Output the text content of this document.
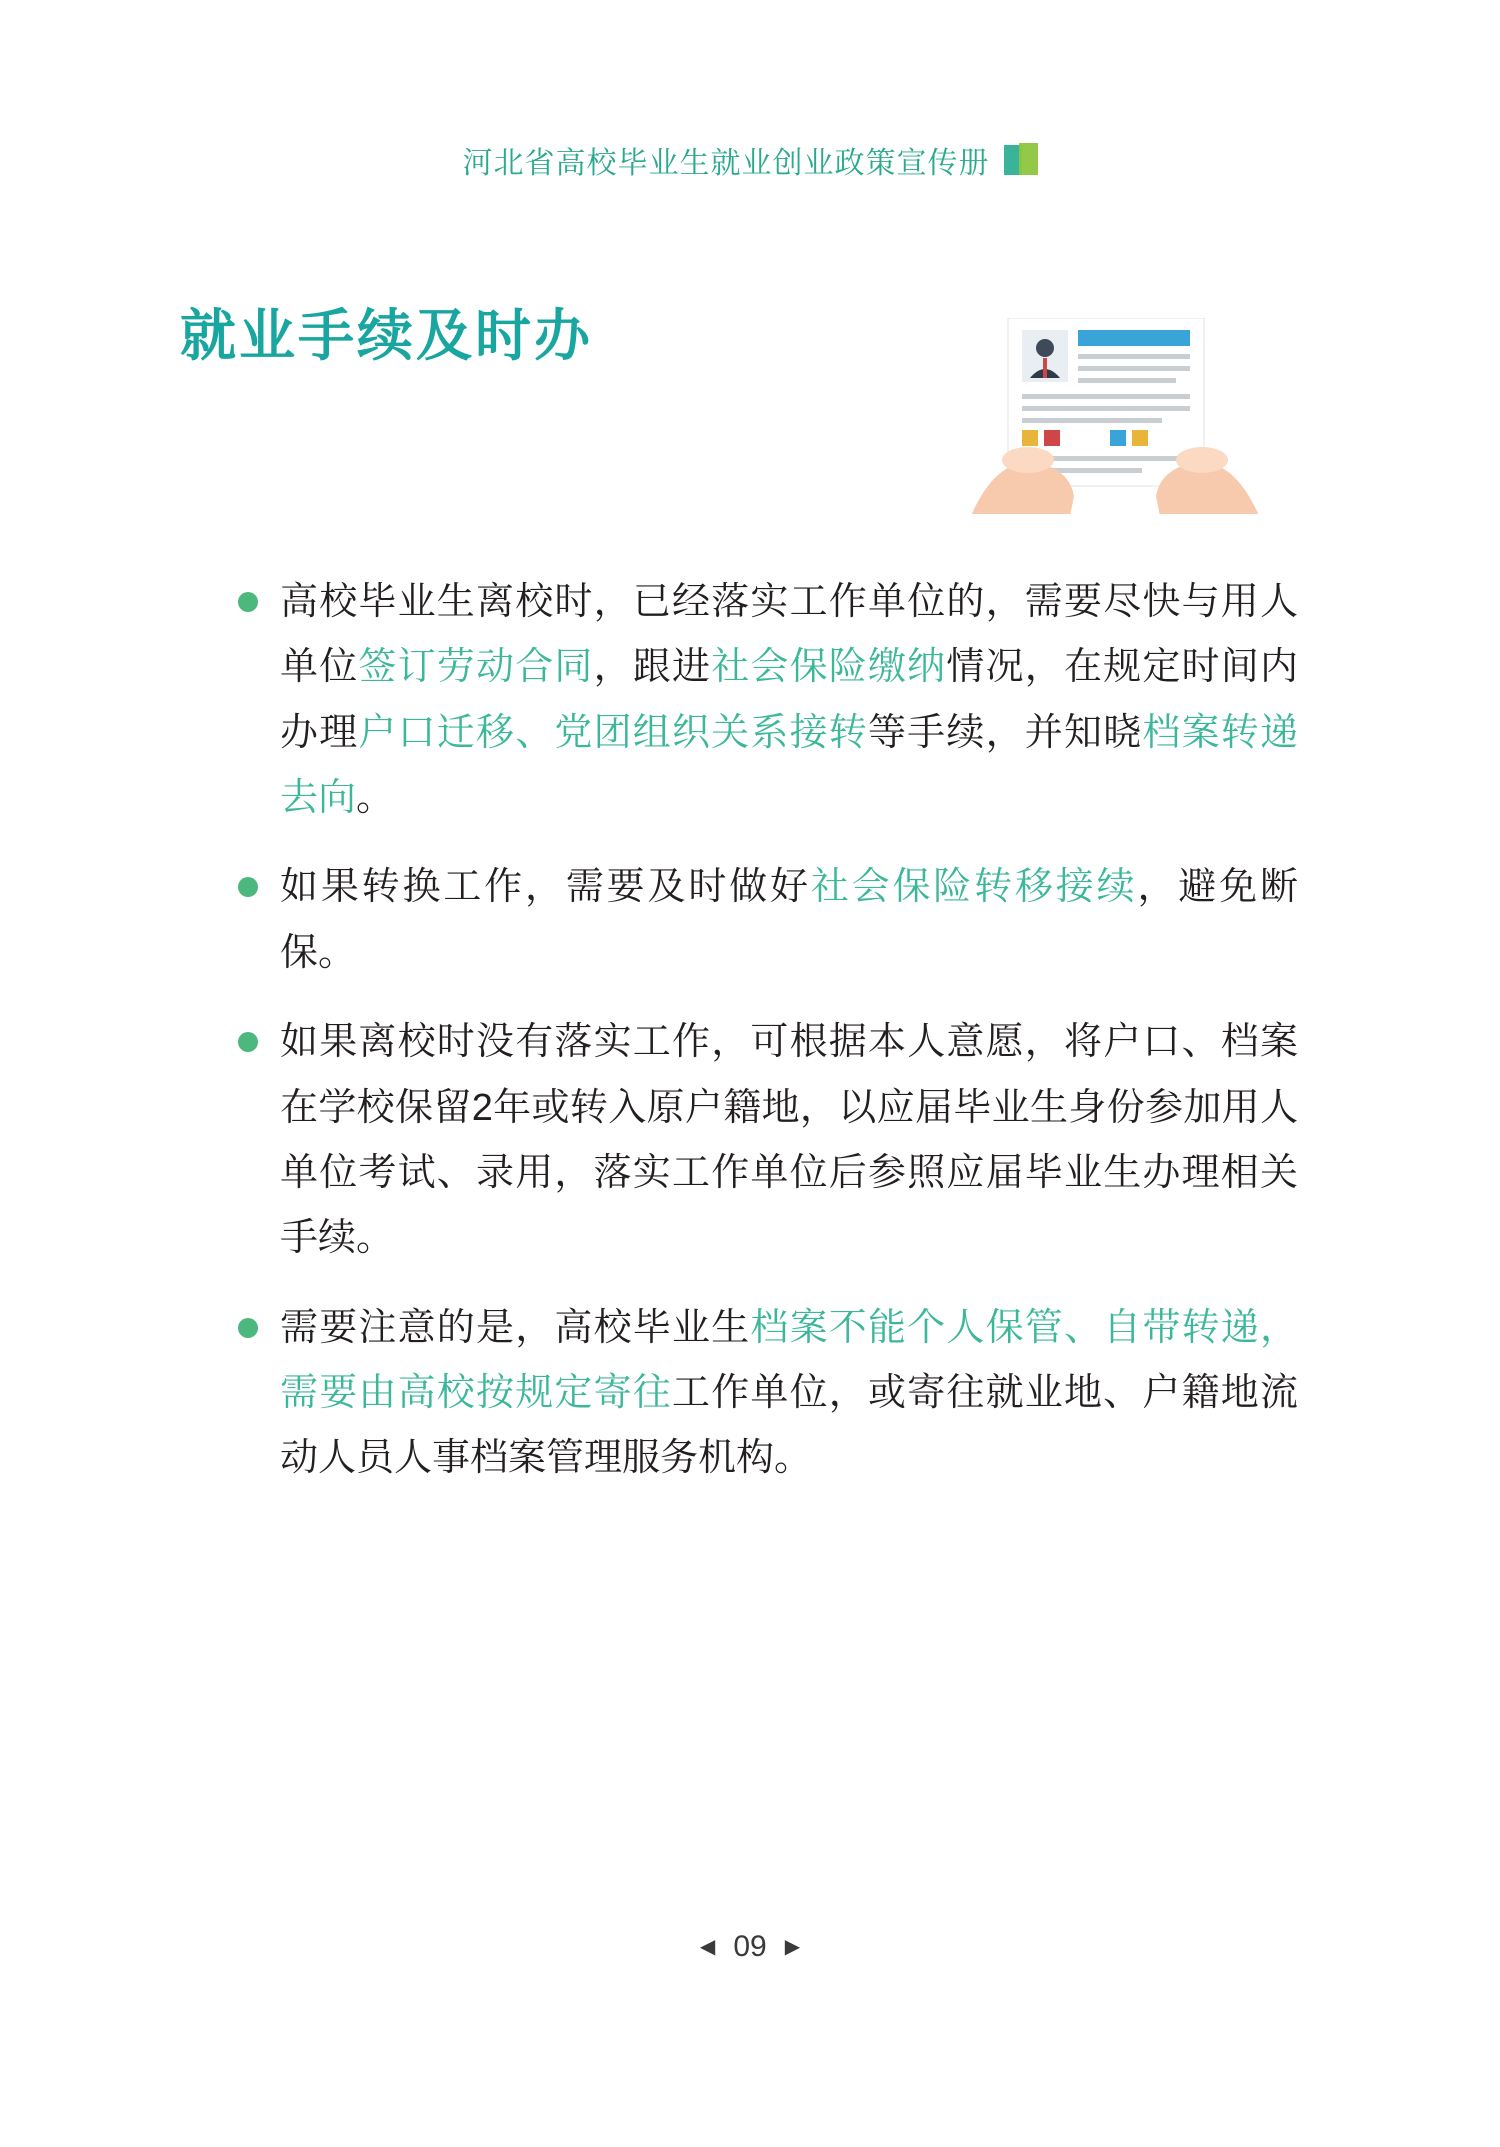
河北省高校毕业生就业创业政策宣传册
就业手续及时办
高校毕业生离校时，已经落实工作单位的，需要尽快与用人单位签订劳动合同，跟进社会保险缴纳情况，在规定时间内办理户口迁移、党团组织关系接转等手续，并知晓档案转递去向。
如果转换工作，需要及时做好社会保险转移接续，避免断保。
如果离校时没有落实工作，可根据本人意愿，将户口、档案在学校保留2年或转入原户籍地，以应届毕业生身份参加用人单位考试、录用，落实工作单位后参照应届毕业生办理相关手续。
需要注意的是，高校毕业生档案不能个人保管、自带转递，需要由高校按规定寄往工作单位，或寄往就业地、户籍地流动人员人事档案管理服务机构。
◀ 09 ▶
